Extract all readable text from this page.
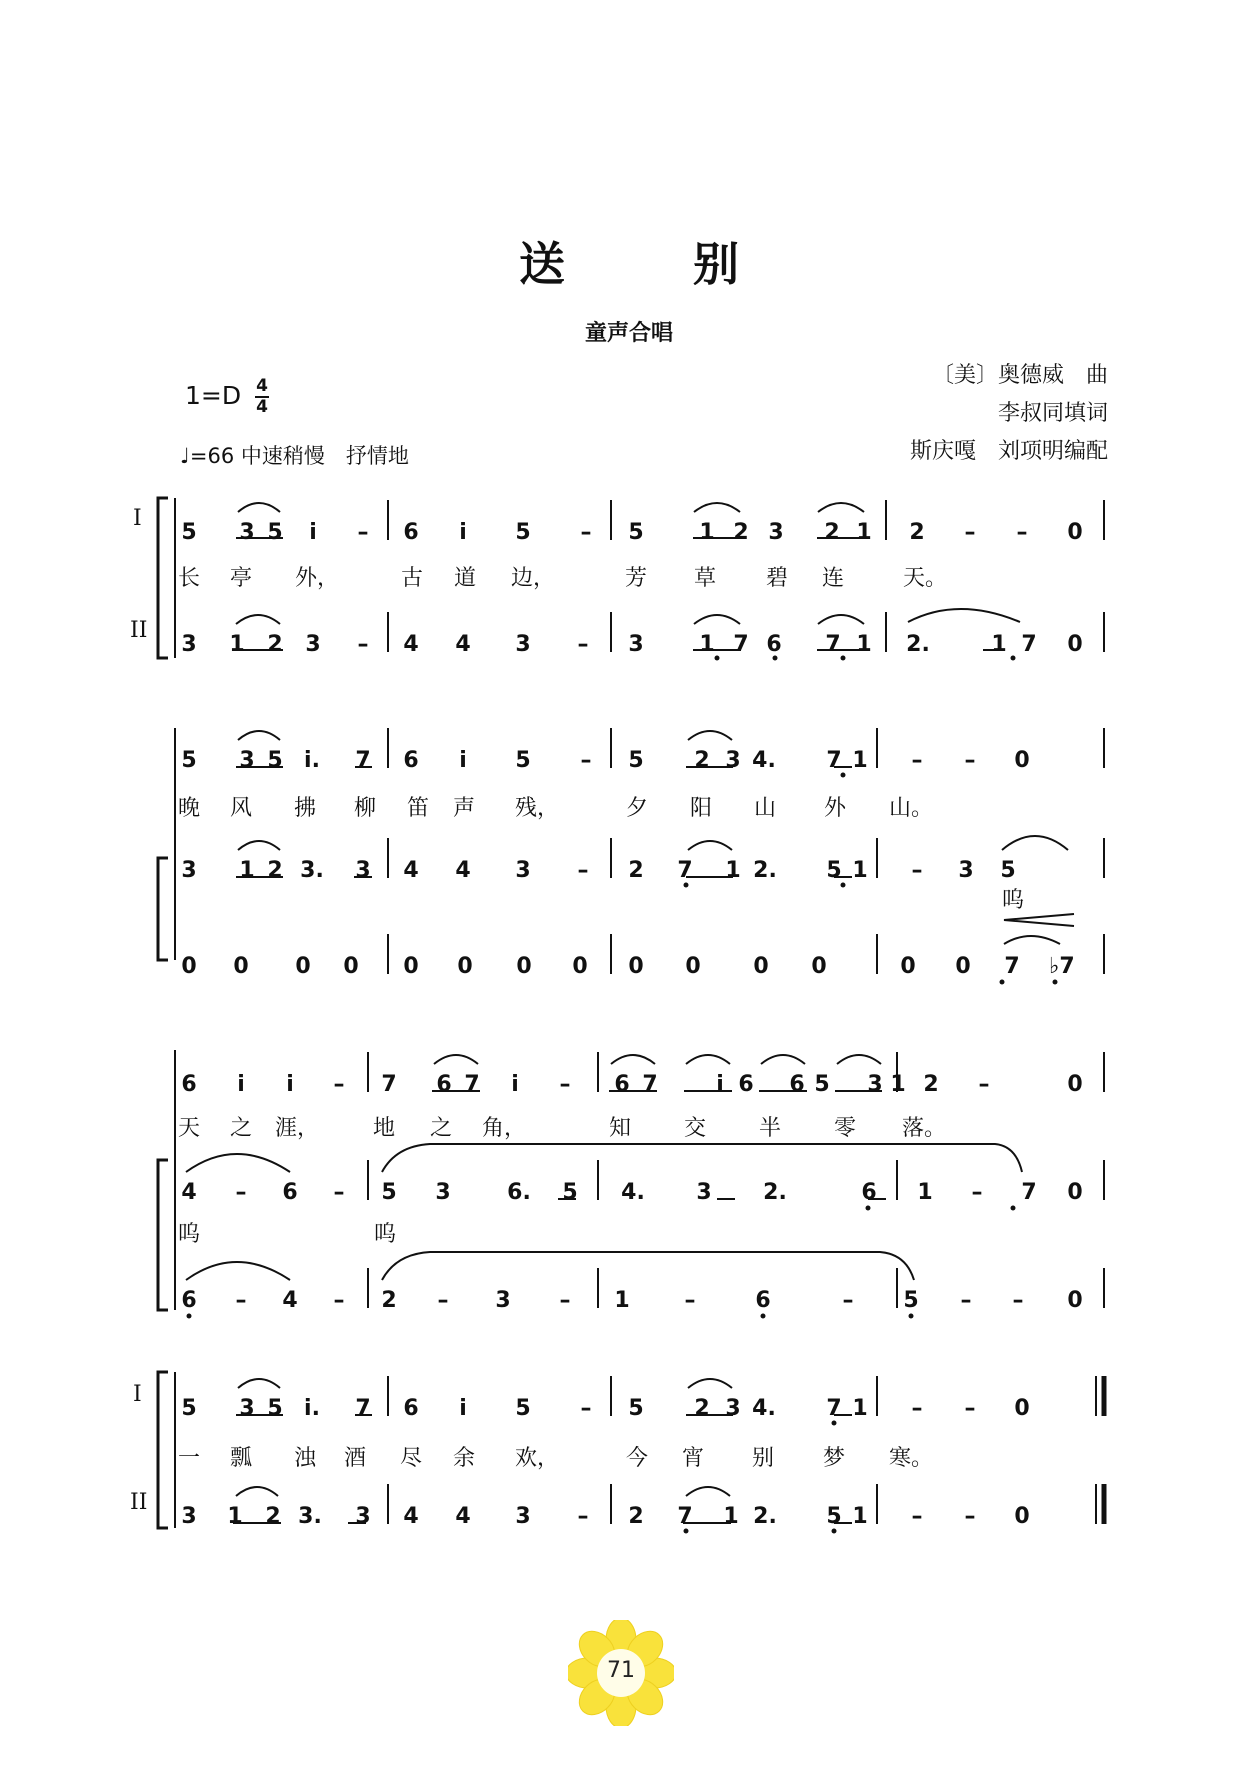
送 别
童声合唱
〔美〕奥德威　曲
李叔同填词
斯庆嘎　刘项明编配
$1=D \frac{4}{4}$
♩=66 中速稍慢　抒情地
I
II
I
II
5 3 5	i	– 6	i	5 – 5	1 2 3 2 1 2 – – 0
长 亭 外，	古 道 边，	芳 草 碧 连	天。
3 1 2 3 – 4 4 3 – 3	1 7 6 7 1 2.	1 7 0
5 3 5 i. 7 6	i	5 – 5 2 3 4. 7 1 – – 0
晚 风 拂 柳 笛 声 残，	夕 阳 山 外 山。
3 1 2 3. 3 4 4 3 – 2 7 1 2. 5 1 – 3 5
呜
0 0 0 0 0 0 0 0 0 0 0 0	0 0 7 ♭7
6	i	i	– 7 6 7	i	– 6 7	i 6 6 5 3 1 2 –	0
天 之 涯， 地 之 角，	知 交 半 零 落。
4 – 6 – 5 3	6. 5 4. 3 2.	6 1 – 7 0
呜	呜
6 – 4 – 2 – 3 – 1 –	6	– 5 – – 0
5 3 5 i. 7 6	i	5 – 5 2 3 4. 7 1 – – 0
一 瓢 浊 酒 尽 余 欢，	今 宵 别 梦 寒。
3 1 2 3. 3 4 4 3 – 2 7 1 2. 5 1 – – 0
71
